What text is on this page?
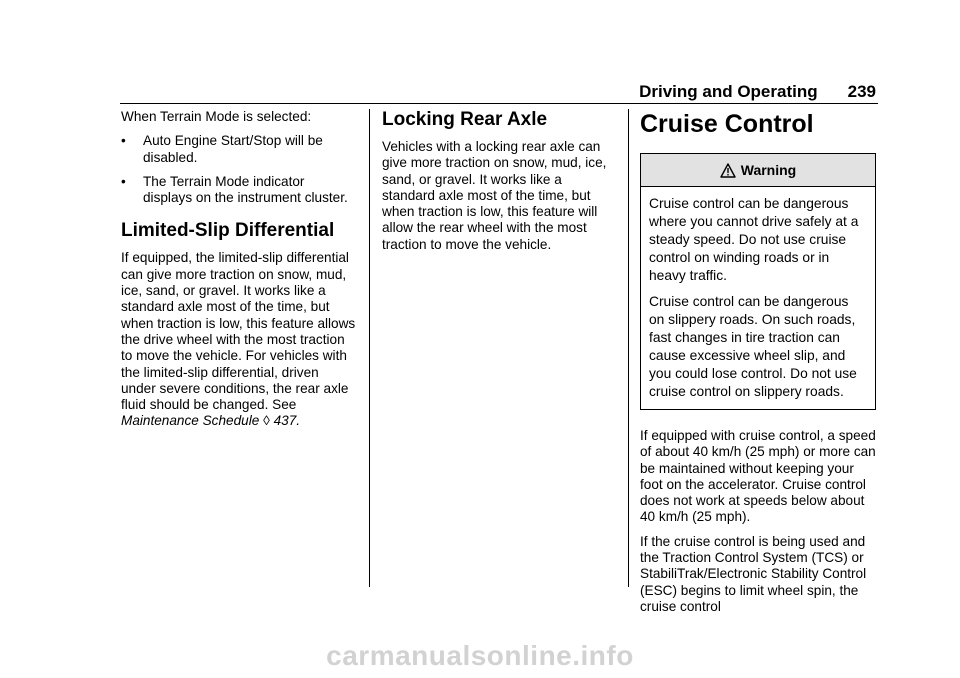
Driving and Operating 239

When Terrain Mode is selected:

•	Auto Engine Start/Stop will be disabled.
•	The Terrain Mode indicator displays on the instrument cluster.
Limited-Slip Differential

If equipped, the limited-slip differential can give more traction on snow, mud, ice, sand, or gravel. It works like a standard axle most of the time, but when traction is low, this feature allows the drive wheel with the most traction to move the vehicle. For vehicles with the limited-slip differential, driven under severe conditions, the rear axle fluid should be changed. See Maintenance Schedule ◊ 437.

Locking Rear Axle

Vehicles with a locking rear axle can give more traction on snow, mud, ice, sand, or gravel. It works like a standard axle most of the time, but when traction is low, this feature will allow the rear wheel with the most traction to move the vehicle.

Cruise Control
Warning

Cruise control can be dangerous where you cannot drive safely at a steady speed. Do not use cruise control on winding roads or in heavy traffic.

Cruise control can be dangerous on slippery roads. On such roads, fast changes in tire traction can cause excessive wheel slip, and you could lose control. Do not use cruise control on slippery roads.

If equipped with cruise control, a speed of about 40 km/h (25 mph) or more can be maintained without keeping your foot on the accelerator. Cruise control does not work at speeds below about 40 km/h (25 mph).

If the cruise control is being used and the Traction Control System (TCS) or StabiliTrak/Electronic Stability Control (ESC) begins to limit wheel spin, the cruise control

carmanualsonline.info
